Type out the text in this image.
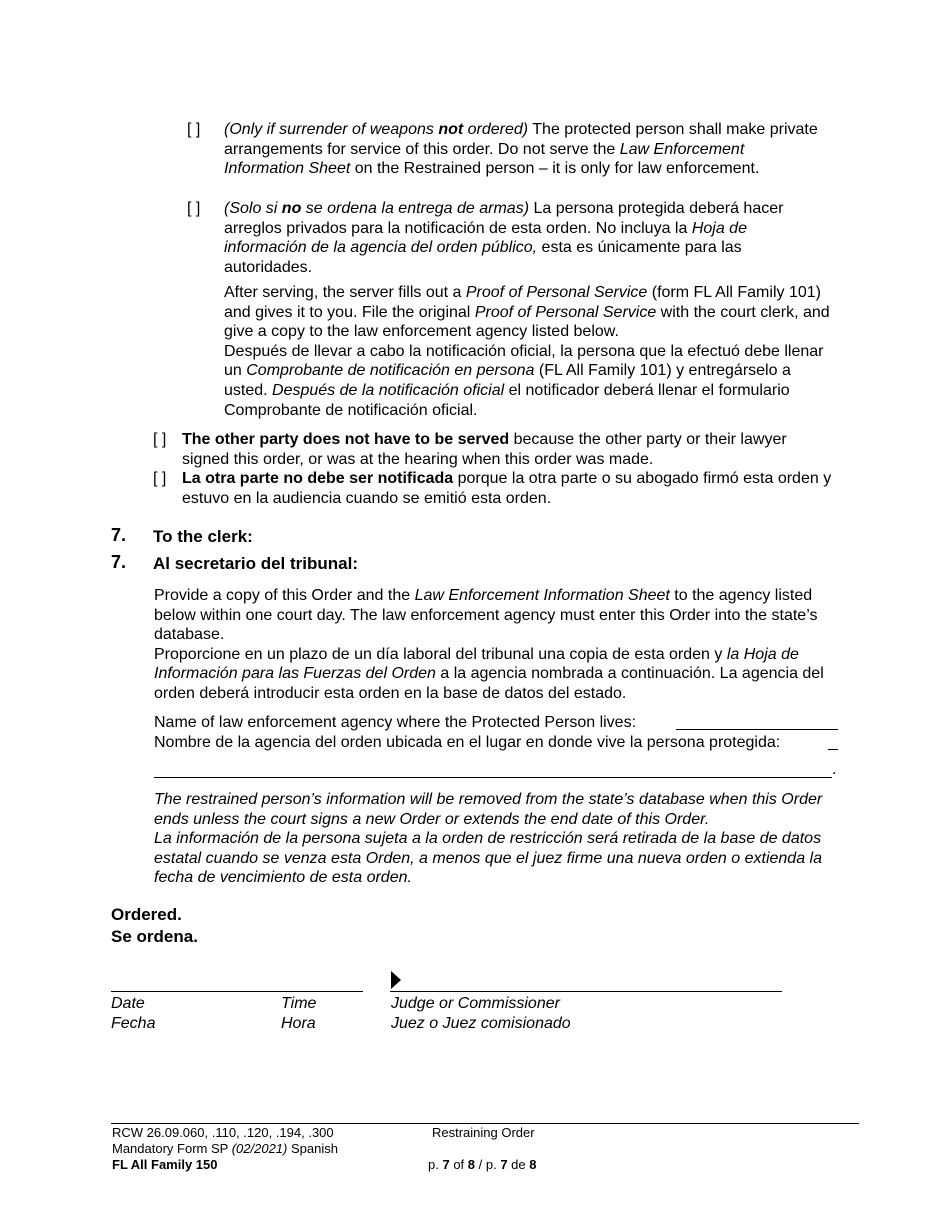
[ ] (Only if surrender of weapons not ordered) The protected person shall make private arrangements for service of this order. Do not serve the Law Enforcement Information Sheet on the Restrained person – it is only for law enforcement.

[ ] (Solo si no se ordena la entrega de armas) La persona protegida deberá hacer arreglos privados para la notificación de esta orden. No incluya la Hoja de información de la agencia del orden público, esta es únicamente para las autoridades.

After serving, the server fills out a Proof of Personal Service (form FL All Family 101) and gives it to you. File the original Proof of Personal Service with the court clerk, and give a copy to the law enforcement agency listed below.

Después de llevar a cabo la notificación oficial, la persona que la efectuó debe llenar un Comprobante de notificación en persona (FL All Family 101) y entregárselo a usted. Después de la notificación oficial el notificador deberá llenar el formulario Comprobante de notificación oficial.

[ ] The other party does not have to be served because the other party or their lawyer signed this order, or was at the hearing when this order was made.

[ ] La otra parte no debe ser notificada porque la otra parte o su abogado firmó esta orden y estuvo en la audiencia cuando se emitió esta orden.

7. To the clerk:
7. Al secretario del tribunal:

Provide a copy of this Order and the Law Enforcement Information Sheet to the agency listed below within one court day. The law enforcement agency must enter this Order into the state’s database.

Proporcione en un plazo de un día laboral del tribunal una copia de esta orden y la Hoja de Información para las Fuerzas del Orden a la agencia nombrada a continuación. La agencia del orden deberá introducir esta orden en la base de datos del estado.

Name of law enforcement agency where the Protected Person lives:
Nombre de la agencia del orden ubicada en el lugar en donde vive la persona protegida:
.

The restrained person’s information will be removed from the state’s database when this Order ends unless the court signs a new Order or extends the end date of this Order.

La información de la persona sujeta a la orden de restricción será retirada de la base de datos estatal cuando se venza esta Orden, a menos que el juez firme una nueva orden o extienda la fecha de vencimiento de esta orden.

Ordered.
Se ordena.
Date
Fecha
Time
Hora
Judge or Commissioner
Juez o Juez comisionado
RCW 26.09.060, .110, .120, .194, .300
Mandatory Form SP (02/2021) Spanish
FL All Family 150
Restraining Order
p. 7 of 8 / p. 7 de 8
